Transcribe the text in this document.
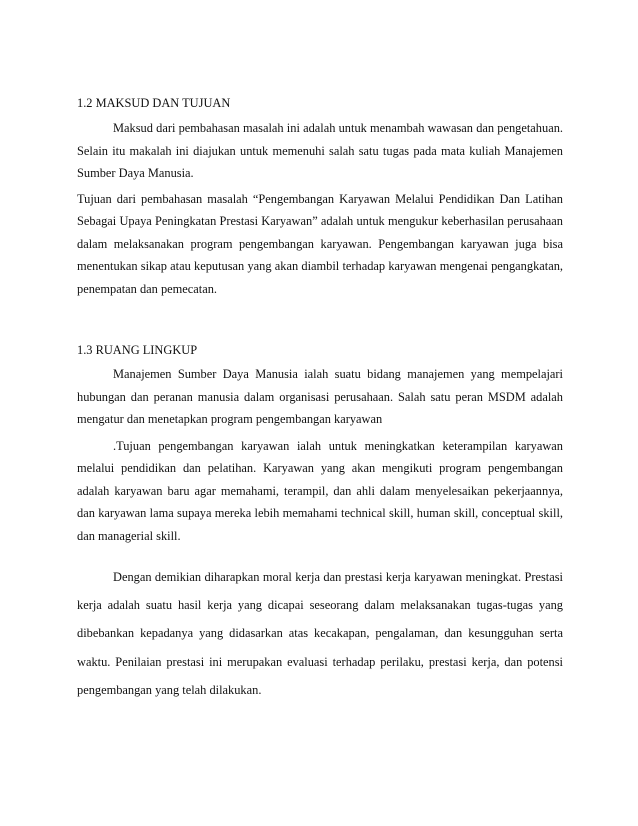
1.2 MAKSUD DAN TUJUAN

Maksud dari pembahasan masalah ini adalah untuk menambah wawasan dan pengetahuan. Selain itu makalah ini diajukan untuk memenuhi salah satu tugas pada mata kuliah Manajemen Sumber Daya Manusia.

Tujuan dari pembahasan masalah “Pengembangan Karyawan Melalui Pendidikan Dan Latihan Sebagai Upaya Peningkatan Prestasi Karyawan” adalah untuk mengukur keberhasilan perusahaan dalam melaksanakan program pengembangan karyawan. Pengembangan karyawan juga bisa menentukan sikap atau keputusan yang akan diambil terhadap karyawan mengenai pengangkatan, penempatan dan pemecatan.

1.3 RUANG LINGKUP

Manajemen Sumber Daya Manusia ialah suatu bidang manajemen yang mempelajari hubungan dan peranan manusia dalam organisasi perusahaan. Salah satu peran MSDM adalah mengatur dan menetapkan program pengembangan karyawan

.Tujuan pengembangan karyawan ialah untuk meningkatkan keterampilan karyawan melalui pendidikan dan pelatihan. Karyawan yang akan mengikuti program pengembangan adalah karyawan baru agar memahami, terampil, dan ahli dalam menyelesaikan pekerjaannya, dan karyawan lama supaya mereka lebih memahami technical skill, human skill, conceptual skill, dan managerial skill.

Dengan demikian diharapkan moral kerja dan prestasi kerja karyawan meningkat. Prestasi kerja adalah suatu hasil kerja yang dicapai seseorang dalam melaksanakan tugas-tugas yang dibebankan kepadanya yang didasarkan atas kecakapan, pengalaman, dan kesungguhan serta waktu. Penilaian prestasi ini merupakan evaluasi terhadap perilaku, prestasi kerja, dan potensi pengembangan yang telah dilakukan.
